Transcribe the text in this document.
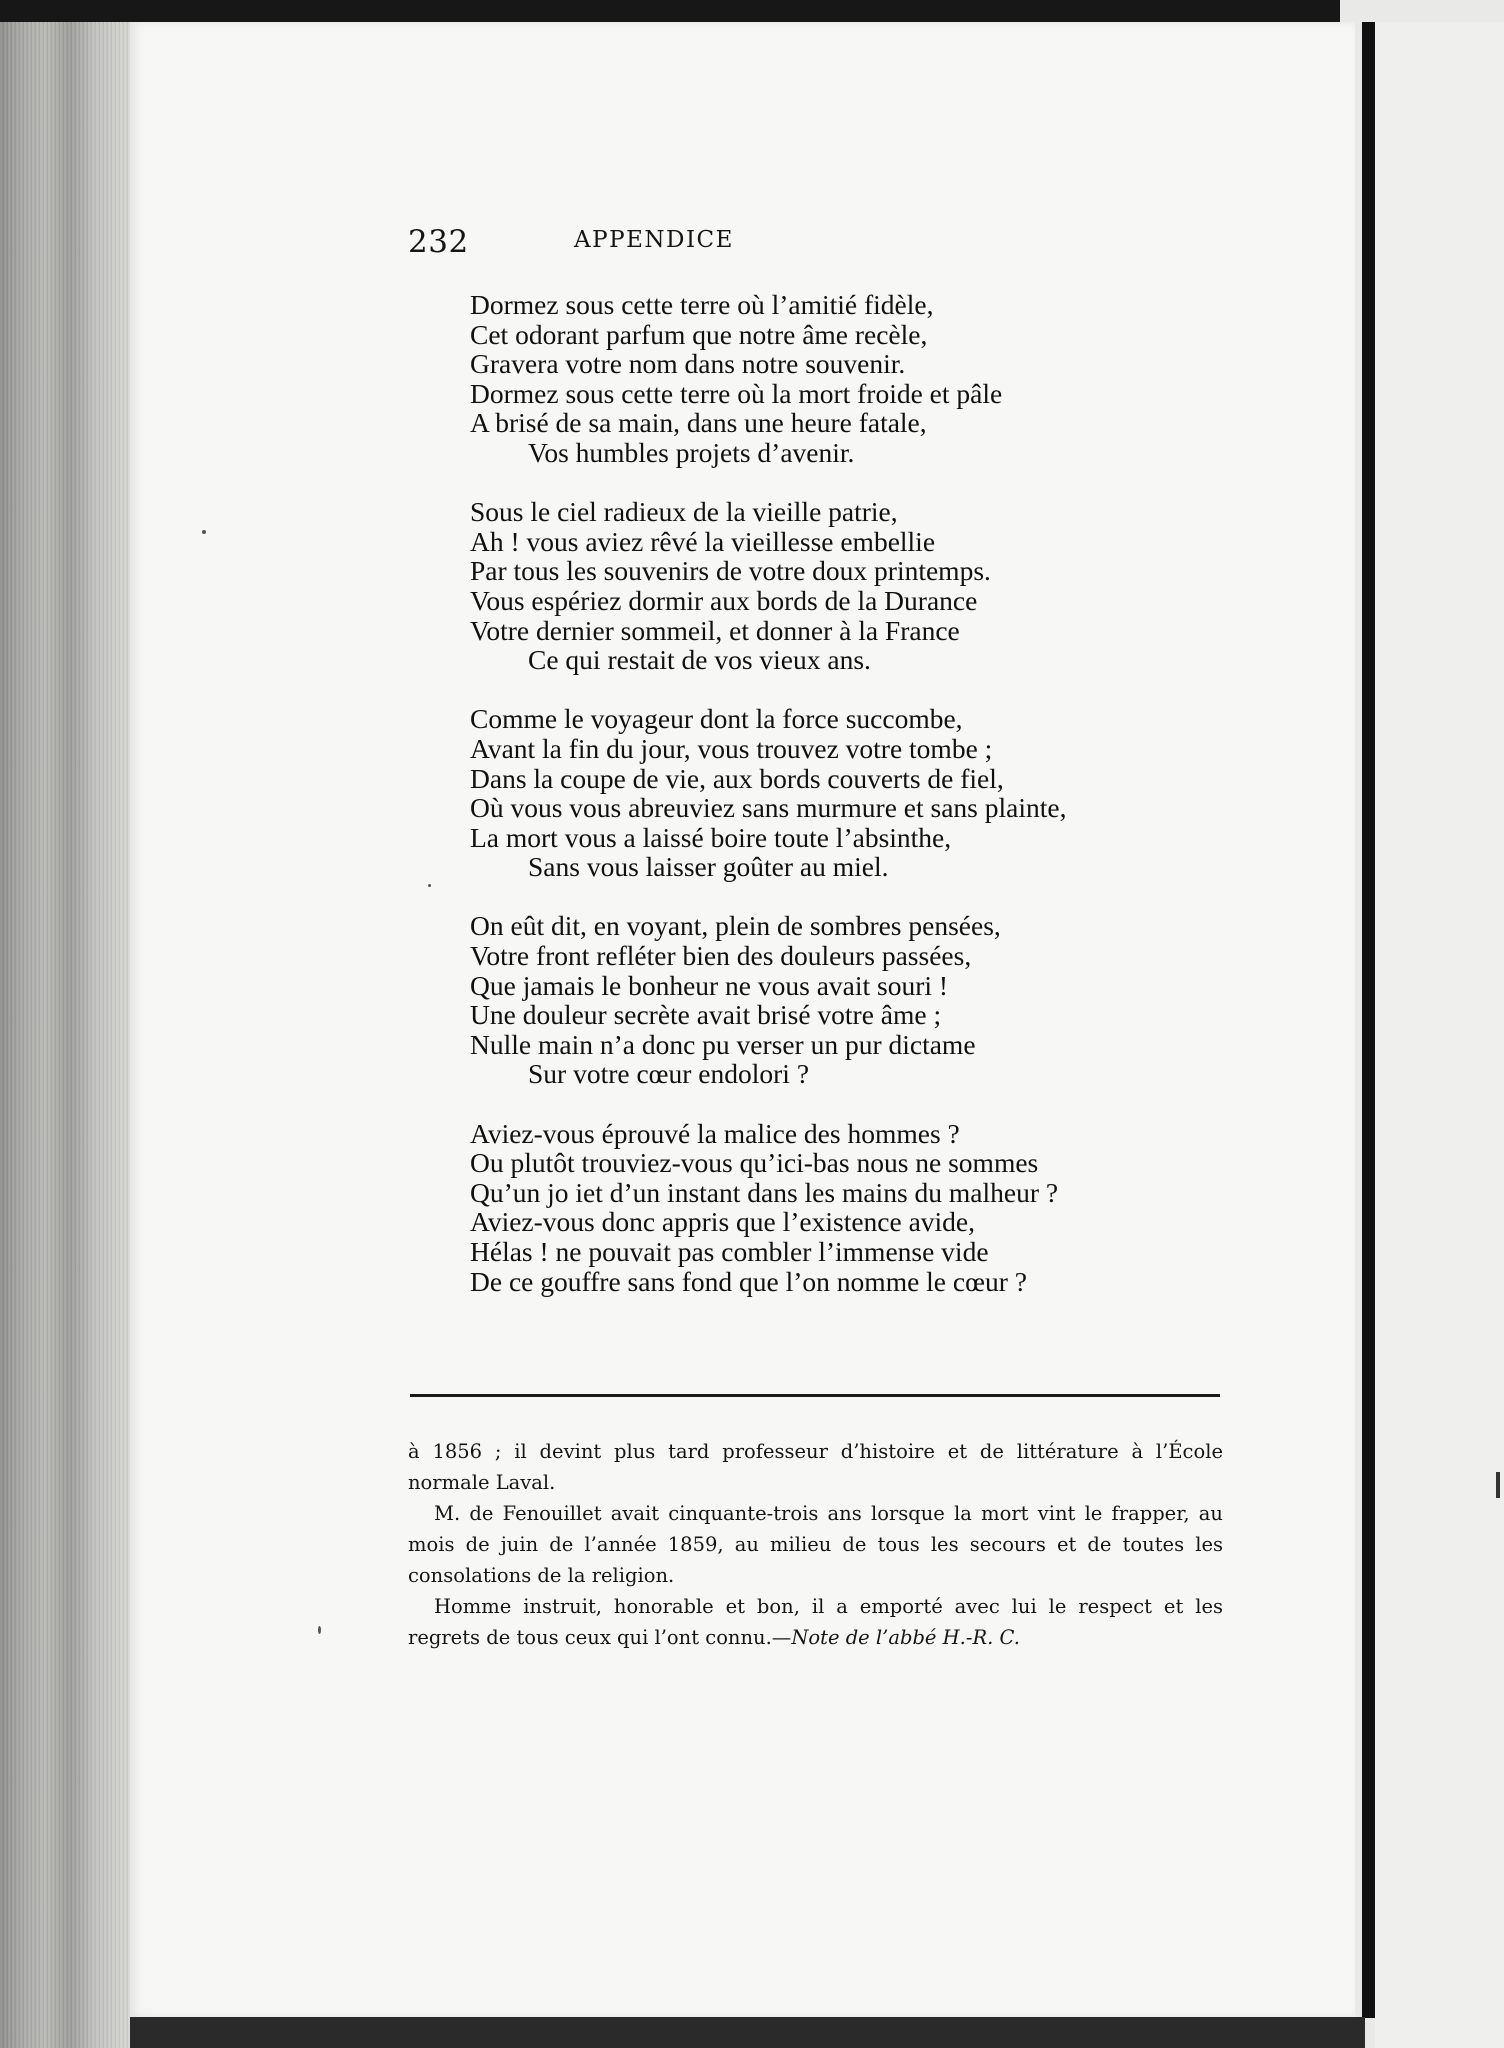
232	APPENDICE
Dormez sous cette terre où l’amitié fidèle,
Cet odorant parfum que notre âme recèle,
Gravera votre nom dans notre souvenir.
Dormez sous cette terre où la mort froide et pâle
A brisé de sa main, dans une heure fatale,
Vos humbles projets d’avenir.
Sous le ciel radieux de la vieille patrie,
Ah ! vous aviez rêvé la vieillesse embellie
Par tous les souvenirs de votre doux printemps.
Vous espériez dormir aux bords de la Durance
Votre dernier sommeil, et donner à la France
Ce qui restait de vos vieux ans.
Comme le voyageur dont la force succombe,
Avant la fin du jour, vous trouvez votre tombe ;
Dans la coupe de vie, aux bords couverts de fiel,
Où vous vous abreuviez sans murmure et sans plainte,
La mort vous a laissé boire toute l’absinthe,
Sans vous laisser goûter au miel.
On eût dit, en voyant, plein de sombres pensées,
Votre front refléter bien des douleurs passées,
Que jamais le bonheur ne vous avait souri !
Une douleur secrète avait brisé votre âme ;
Nulle main n’a donc pu verser un pur dictame
Sur votre cœur endolori ?
Aviez-vous éprouvé la malice des hommes ?
Ou plutôt trouviez-vous qu’ici-bas nous ne sommes
Qu’un jo iet d’un instant dans les mains du malheur ?
Aviez-vous donc appris que l’existence avide,
Hélas ! ne pouvait pas combler l’immense vide
De ce gouffre sans fond que l’on nomme le cœur ?

à 1856 ; il devint plus tard professeur d’histoire et de littérature à l’École normale Laval.

M. de Fenouillet avait cinquante-trois ans lorsque la mort vint le frapper, au mois de juin de l’année 1859, au milieu de tous les secours et de toutes les consolations de la religion.

Homme instruit, honorable et bon, il a emporté avec lui le respect et les regrets de tous ceux qui l’ont connu.—Note de l’abbé H.-R. C.
